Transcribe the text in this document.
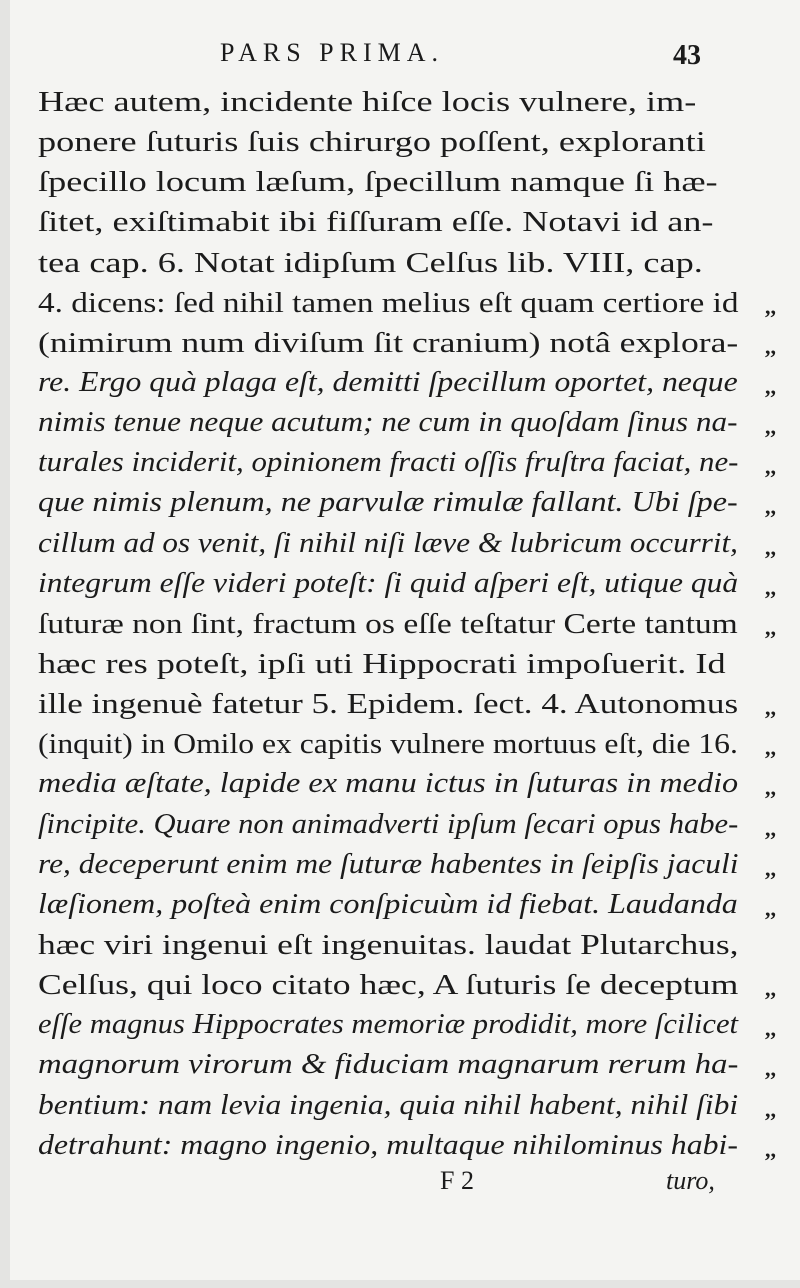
PARS PRIMA.	43
Hæc autem, incidente hiſce locis vulnere, im-
ponere ſuturis ſuis chirurgo poſſent, exploranti
ſpecillo locum læſum, ſpecillum namque ſi hæ-
ſitet, exiſtimabit ibi fiſſuram eſſe. Notavi id an-
tea cap. 6. Notat idipſum Celſus lib. VIII, cap.
4. dicens: ſed nihil tamen melius eſt quam certiore id ,,
(nimirum num diviſum ſit cranium) notâ explora- ,,
re. Ergo quà plaga eſt, demitti ſpecillum oportet, neque ,,
nimis tenue neque acutum; ne cum in quoſdam ſinus na- ,,
turales inciderit, opinionem fracti oſſis fruſtra faciat, ne- ,,
que nimis plenum, ne parvulæ rimulæ fallant. Ubi ſpe- ,,
cillum ad os venit, ſi nihil niſi læve & lubricum occurrit, ,,
integrum eſſe videri poteſt: ſi quid aſperi eſt, utique quà ,,
ſuturæ non ſint, fractum os eſſe teſtatur Certe tantum ,,
hæc res poteſt, ipſi uti Hippocrati impoſuerit. Id
ille ingenuè fatetur 5. Epidem. ſect. 4. Autonomus ,,
(inquit) in Omilo ex capitis vulnere mortuus eſt, die 16. ,,
media æſtate, lapide ex manu ictus in ſuturas in medio ,,
ſincipite. Quare non animadverti ipſum ſecari opus habe- ,,
re, deceperunt enim me ſuturæ habentes in ſeipſis jaculi ,,
læſionem, poſteà enim conſpicuùm id fiebat. Laudanda ,,
hæc viri ingenui eſt ingenuitas. laudat Plutarchus,
Celſus, qui loco citato hæc, A ſuturis ſe deceptum ,,
eſſe magnus Hippocrates memoriæ prodidit, more ſcilicet ,,
magnorum virorum & fiduciam magnarum rerum ha- ,,
bentium: nam levia ingenia, quia nihil habent, nihil ſibi ,,
detrahunt: magno ingenio, multaque nihilominus habi- ,,
F 2	turo,
